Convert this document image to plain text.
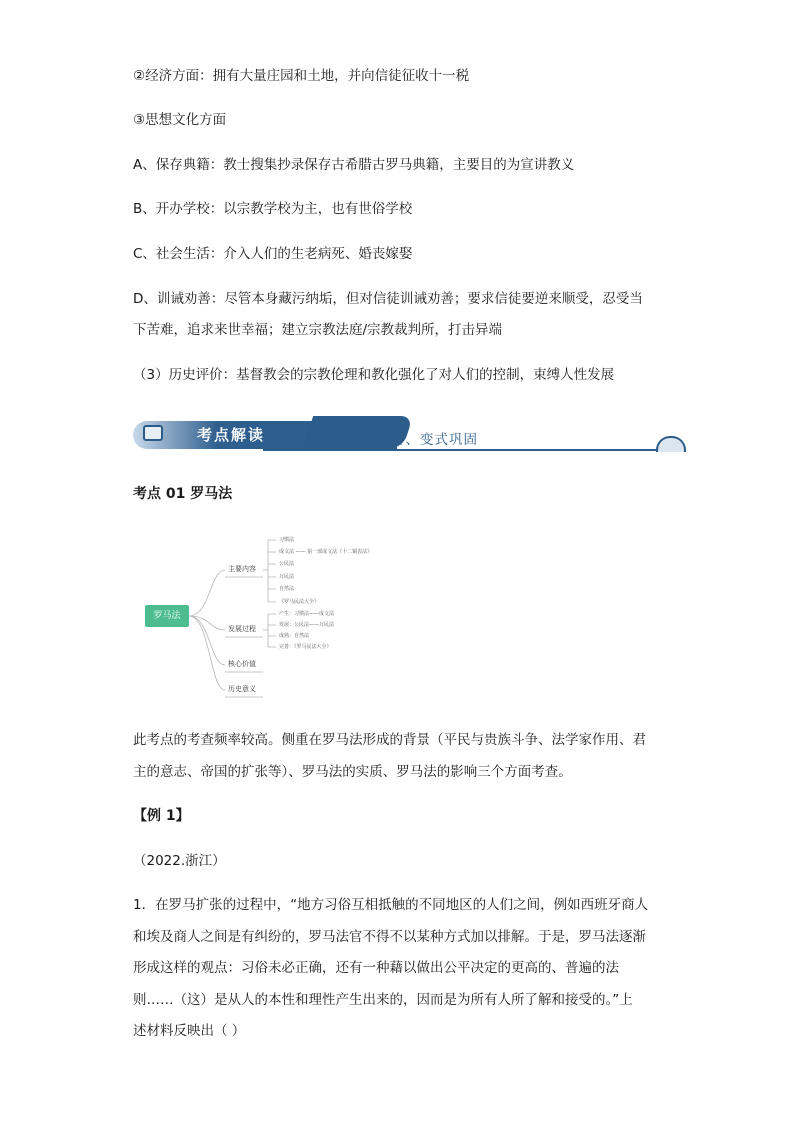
②经济方面：拥有大量庄园和土地，并向信徒征收十一税
③思想文化方面
A、保存典籍：教士搜集抄录保存古希腊古罗马典籍，主要目的为宣讲教义
B、开办学校：以宗教学校为主，也有世俗学校
C、社会生活：介入人们的生老病死、婚丧嫁娶
D、训诫劝善：尽管本身藏污纳垢，但对信徒训诫劝善；要求信徒要逆来顺受，忍受当
下苦难，追求来世幸福；建立宗教法庭/宗教裁判所，打击异端
（3）历史评价：基督教会的宗教伦理和教化强化了对人们的控制，束缚人性发展
考点解读 考向分析、典例精讲、变式巩固
考点 01 罗马法
罗马法
主要内容
发展过程
核心价值
历史意义
习惯法
成文法 —— 第一部成文法《十二铜表法》
公民法
万民法
自然法
《罗马民法大全》
产生：习惯法——成文法
发展：公民法——万民法
成熟：自然法
完善：《罗马民法大全》
此考点的考查频率较高。侧重在罗马法形成的背景（平民与贵族斗争、法学家作用、君
主的意志、帝国的扩张等）、罗马法的实质、罗马法的影响三个方面考查。
【例 1】
（2022.浙江）
1．在罗马扩张的过程中，“地方习俗互相抵触的不同地区的人们之间，例如西班牙商人
和埃及商人之间是有纠纷的，罗马法官不得不以某种方式加以排解。于是，罗马法逐渐
形成这样的观点：习俗未必正确，还有一种藉以做出公平决定的更高的、普遍的法
则……（这）是从人的本性和理性产生出来的，因而是为所有人所了解和接受的。”上
述材料反映出（ ）
